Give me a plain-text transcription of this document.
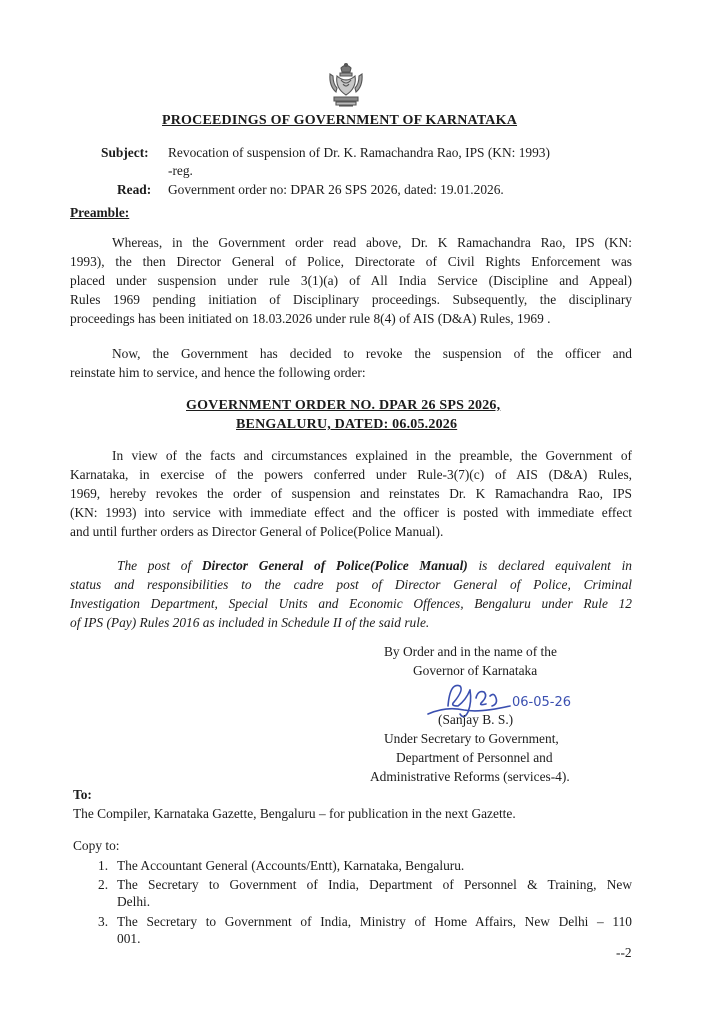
PROCEEDINGS OF GOVERNMENT OF KARNATAKA
Subject: Revocation of suspension of Dr. K. Ramachandra Rao, IPS (KN: 1993)
-reg.
Read: Government order no: DPAR 26 SPS 2026, dated: 19.01.2026.
Preamble:
Whereas, in the Government order read above, Dr. K Ramachandra Rao, IPS (KN:
1993), the then Director General of Police, Directorate of Civil Rights Enforcement was
placed under suspension under rule 3(1)(a) of All India Service (Discipline and Appeal)
Rules 1969 pending initiation of Disciplinary proceedings. Subsequently, the disciplinary
proceedings has been initiated on 18.03.2026 under rule 8(4) of AIS (D&A) Rules, 1969 .
Now, the Government has decided to revoke the suspension of the officer and
reinstate him to service, and hence the following order:
GOVERNMENT ORDER NO. DPAR 26 SPS 2026,
BENGALURU, DATED: 06.05.2026
In view of the facts and circumstances explained in the preamble, the Government of
Karnataka, in exercise of the powers conferred under Rule-3(7)(c) of AIS (D&A) Rules,
1969, hereby revokes the order of suspension and reinstates Dr. K Ramachandra Rao, IPS
(KN: 1993) into service with immediate effect and the officer is posted with immediate effect
and until further orders as Director General of Police(Police Manual).
The post of Director General of Police(Police Manual) is declared equivalent in
status and responsibilities to the cadre post of Director General of Police, Criminal
Investigation Department, Special Units and Economic Offences, Bengaluru under Rule 12
of IPS (Pay) Rules 2016 as included in Schedule II of the said rule.
By Order and in the name of the
Governor of Karnataka
06-05-26
(Sanjay B. S.)
Under Secretary to Government,
Department of Personnel and
Administrative Reforms (services-4).
To:
The Compiler, Karnataka Gazette, Bengaluru – for publication in the next Gazette.
Copy to:
1. The Accountant General (Accounts/Entt), Karnataka, Bengaluru.
2. The Secretary to Government of India, Department of Personnel & Training, New
Delhi.
3. The Secretary to Government of India, Ministry of Home Affairs, New Delhi – 110
001.
--2
